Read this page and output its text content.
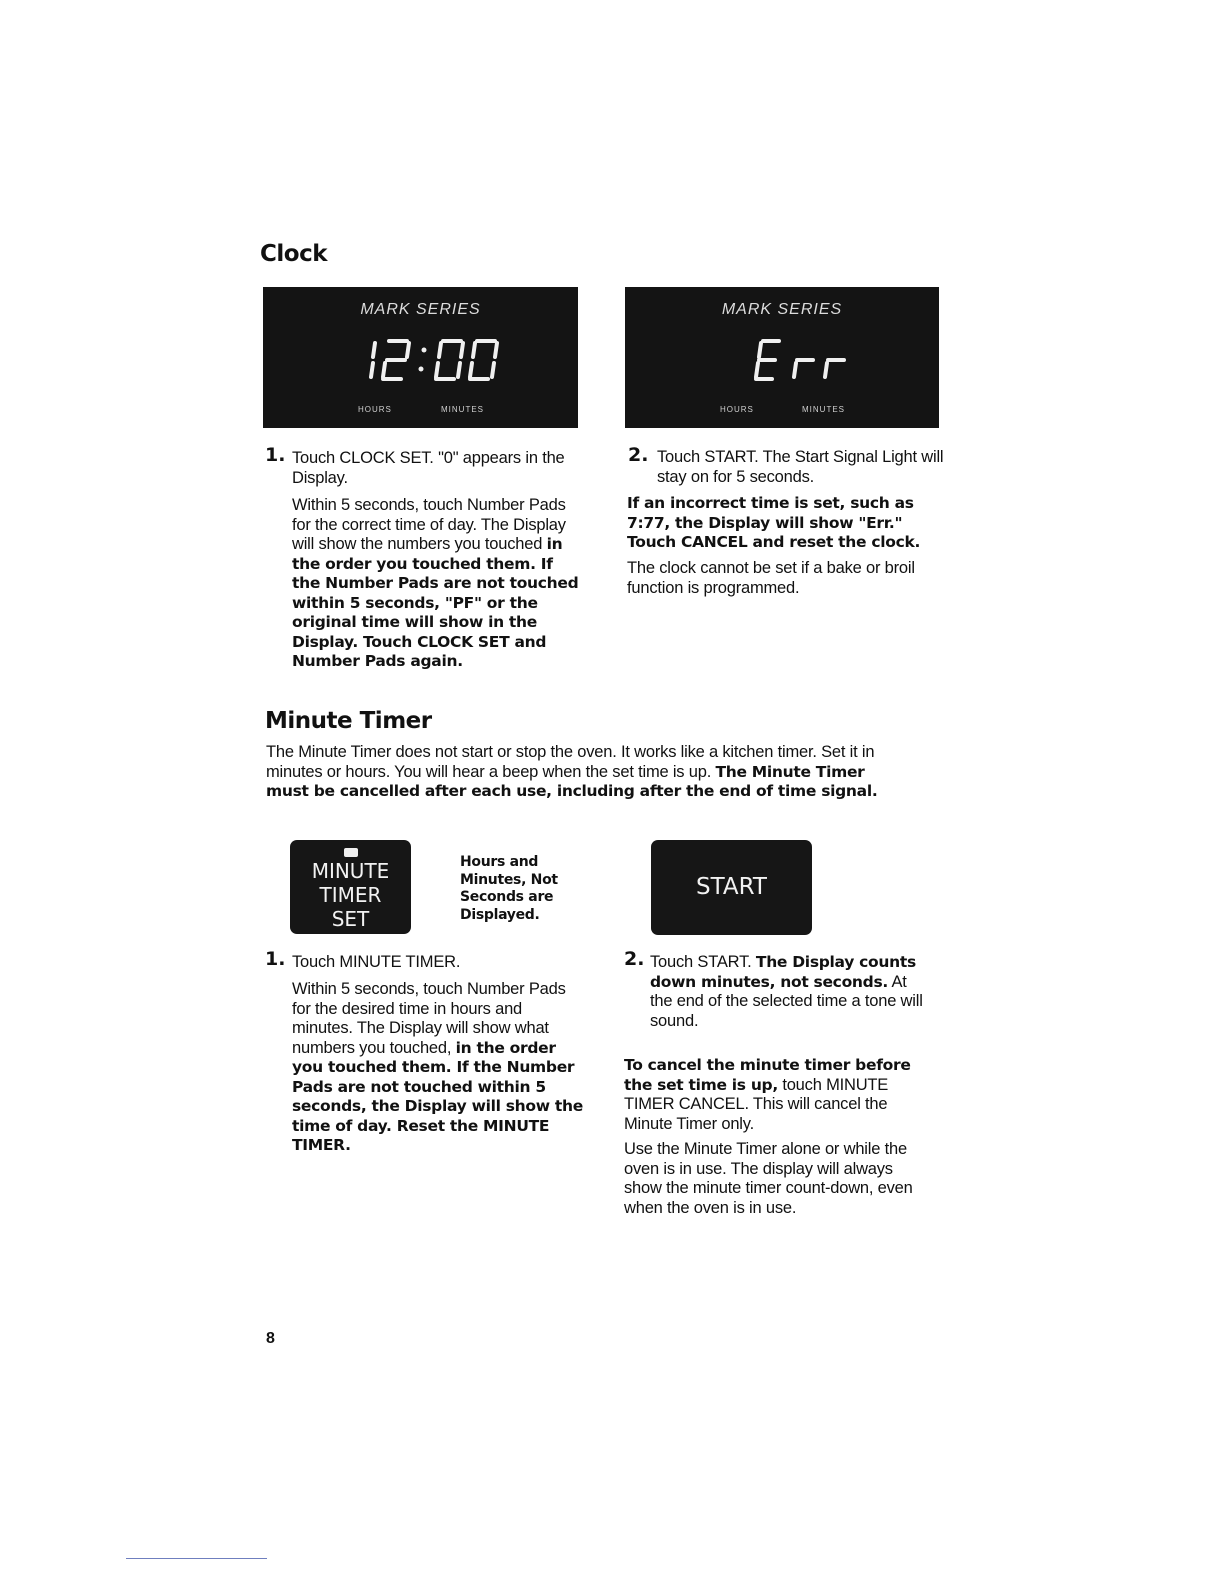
Clock
MARK SERIES
HOURS	MINUTES
MARK SERIES
HOURS	MINUTES
1. Touch CLOCK SET. "0" appears in the Display.

Within 5 seconds, touch Number Pads for the correct time of day. The Display will show the numbers you touched in the order you touched them. If the Number Pads are not touched within 5 seconds, "PF" or the original time will show in the Display. Touch CLOCK SET and Number Pads again.

2. Touch START. The Start Signal Light will stay on for 5 seconds.

If an incorrect time is set, such as 7:77, the Display will show "Err." Touch CANCEL and reset the clock.

The clock cannot be set if a bake or broil function is programmed.

Minute Timer

The Minute Timer does not start or stop the oven. It works like a kitchen timer. Set it in minutes or hours. You will hear a beep when the set time is up. The Minute Timer must be cancelled after each use, including after the end of time signal.

MINUTE
TIMER
SET

Hours and Minutes, Not Seconds are Displayed.

START
1. Touch MINUTE TIMER.

Within 5 seconds, touch Number Pads for the desired time in hours and minutes. The Display will show what numbers you touched, in the order you touched them. If the Number Pads are not touched within 5 seconds, the Display will show the time of day. Reset the MINUTE TIMER.

2. Touch START. The Display counts down minutes, not seconds. At the end of the selected time a tone will sound.

To cancel the minute timer before the set time is up, touch MINUTE TIMER CANCEL. This will cancel the Minute Timer only.

Use the Minute Timer alone or while the oven is in use. The display will always show the minute timer count-down, even when the oven is in use.

8
